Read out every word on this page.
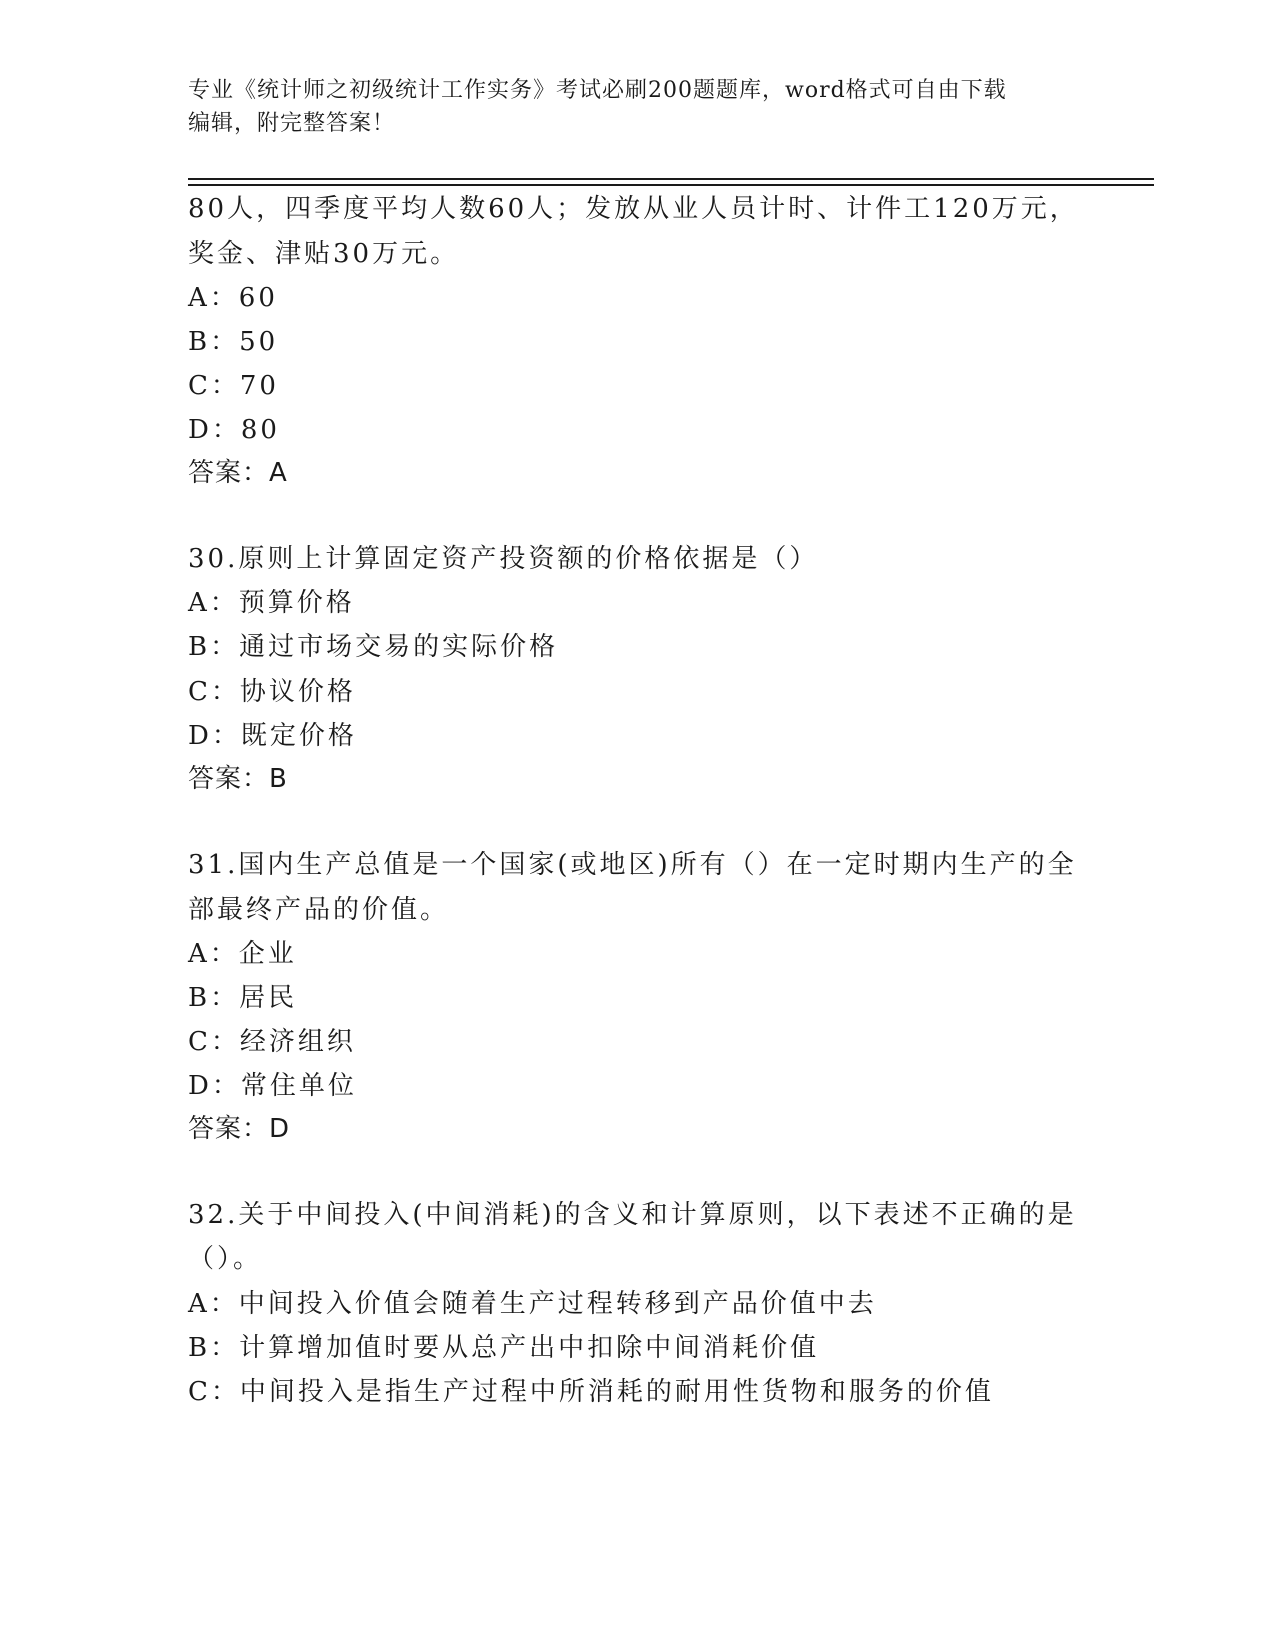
专业《统计师之初级统计工作实务》考试必刷200题题库，word格式可自由下载
编辑，附完整答案！
80人，四季度平均人数60人；发放从业人员计时、计件工120万元，
奖金、津贴30万元。
A：60
B：50
C：70
D：80
答案：A
30.原则上计算固定资产投资额的价格依据是（）
A：预算价格
B：通过市场交易的实际价格
C：协议价格
D：既定价格
答案：B
31.国内生产总值是一个国家(或地区)所有（）在一定时期内生产的全
部最终产品的价值。
A：企业
B：居民
C：经济组织
D：常住单位
答案：D
32.关于中间投入(中间消耗)的含义和计算原则，以下表述不正确的是
（）。
A：中间投入价值会随着生产过程转移到产品价值中去
B：计算增加值时要从总产出中扣除中间消耗价值
C：中间投入是指生产过程中所消耗的耐用性货物和服务的价值
